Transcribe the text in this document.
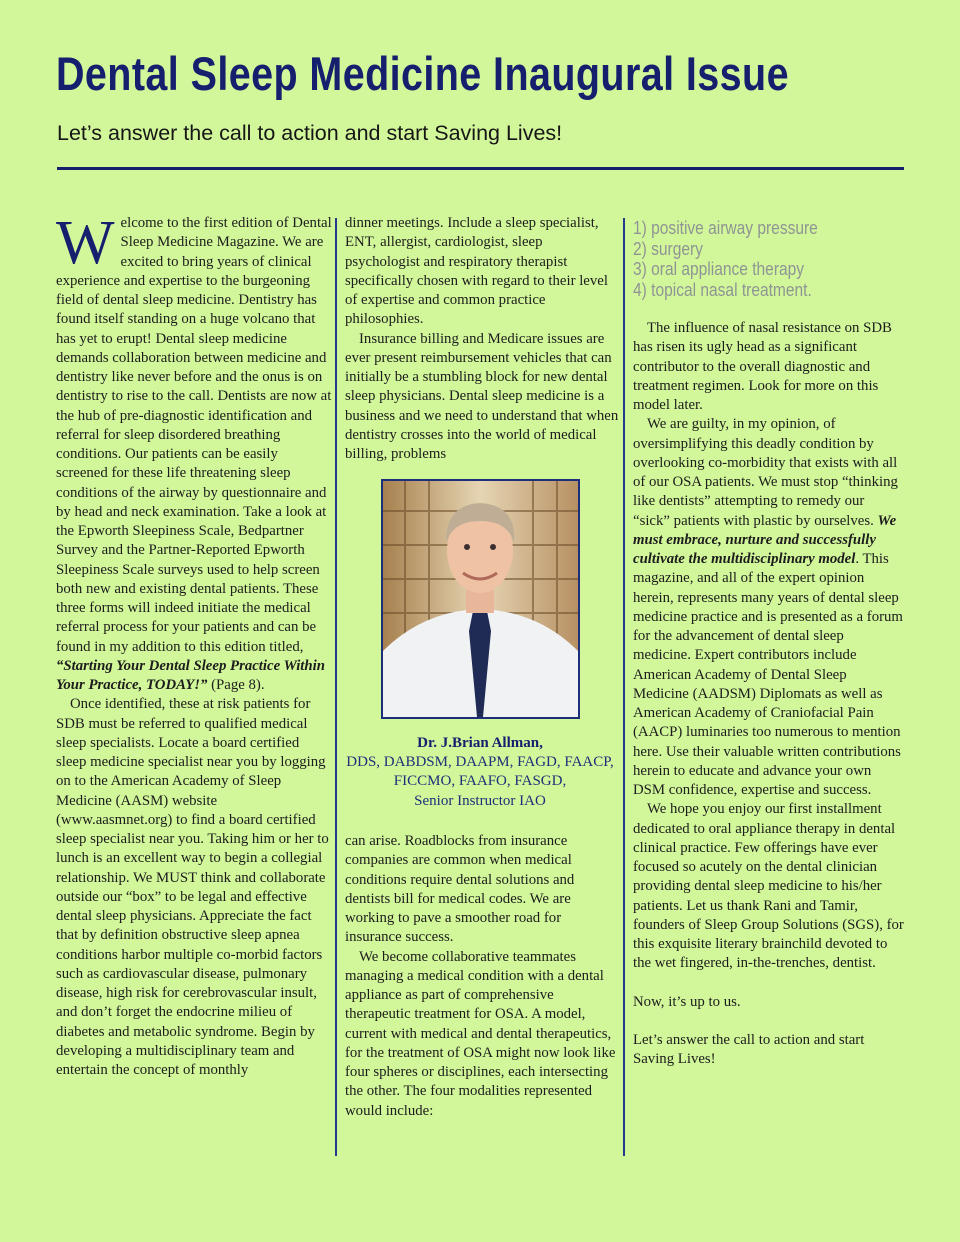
Dental Sleep Medicine Inaugural Issue
Let’s answer the call to action and start Saving Lives!

Welcome to the first edition of Dental Sleep Medicine Magazine. We are excited to bring years of clinical experience and expertise to the burgeoning field of dental sleep medicine. Dentistry has found itself standing on a huge volcano that has yet to erupt! Dental sleep medicine demands collaboration between medicine and dentistry like never before and the onus is on dentistry to rise to the call. Dentists are now at the hub of pre-diagnostic identification and referral for sleep disordered breathing conditions. Our patients can be easily screened for these life threatening sleep conditions of the airway by questionnaire and by head and neck examination. Take a look at the Epworth Sleepiness Scale, Bedpartner Survey and the Partner-Reported Epworth Sleepiness Scale surveys used to help screen both new and existing dental patients. These three forms will indeed initiate the medical referral process for your patients and can be found in my addition to this edition titled, “Starting Your Dental Sleep Practice Within Your Practice, TODAY!” (Page 8).

Once identified, these at risk patients for SDB must be referred to qualified medical sleep specialists. Locate a board certified sleep medicine specialist near you by logging on to the American Academy of Sleep Medicine (AASM) website (www.aasmnet.org) to find a board certified sleep specialist near you. Taking him or her to lunch is an excellent way to begin a collegial relationship. We MUST think and collaborate outside our “box” to be legal and effective dental sleep physicians. Appreciate the fact that by definition obstructive sleep apnea conditions harbor multiple co-morbid factors such as cardiovascular disease, pulmonary disease, high risk for cerebrovascular insult, and don’t forget the endocrine milieu of diabetes and metabolic syndrome. Begin by developing a multidisciplinary team and entertain the concept of monthly

dinner meetings. Include a sleep specialist, ENT, allergist, cardiologist, sleep psychologist and respiratory therapist specifically chosen with regard to their level of expertise and common practice philosophies.

Insurance billing and Medicare issues are ever present reimbursement vehicles that can initially be a stumbling block for new dental sleep physicians. Dental sleep medicine is a business and we need to understand that when dentistry crosses into the world of medical billing, problems

Dr. J.Brian Allman,
DDS, DABDSM, DAAPM, FAGD, FAACP, FICCMO, FAAFO, FASGD,
Senior Instructor IAO

can arise. Roadblocks from insurance companies are common when medical conditions require dental solutions and dentists bill for medical codes. We are working to pave a smoother road for insurance success.

We become collaborative teammates managing a medical condition with a dental appliance as part of comprehensive therapeutic treatment for OSA. A model, current with medical and dental therapeutics, for the treatment of OSA might now look like four spheres or disciplines, each intersecting the other. The four modalities represented would include:

1) positive airway pressure
2) surgery
3) oral appliance therapy
4) topical nasal treatment.

The influence of nasal resistance on SDB has risen its ugly head as a significant contributor to the overall diagnostic and treatment regimen. Look for more on this model later.

We are guilty, in my opinion, of oversimplifying this deadly condition by overlooking co-morbidity that exists with all of our OSA patients. We must stop “thinking like dentists” attempting to remedy our “sick” patients with plastic by ourselves. We must embrace, nurture and successfully cultivate the multidisciplinary model. This magazine, and all of the expert opinion herein, represents many years of dental sleep medicine practice and is presented as a forum for the advancement of dental sleep medicine. Expert contributors include American Academy of Dental Sleep Medicine (AADSM) Diplomats as well as American Academy of Craniofacial Pain (AACP) luminaries too numerous to mention here. Use their valuable written contributions herein to educate and advance your own DSM confidence, expertise and success.

We hope you enjoy our first installment dedicated to oral appliance therapy in dental clinical practice. Few offerings have ever focused so acutely on the dental clinician providing dental sleep medicine to his/her patients. Let us thank Rani and Tamir, founders of Sleep Group Solutions (SGS), for this exquisite literary brainchild devoted to the wet fingered, in-the-trenches, dentist.

Now, it’s up to us.

Let’s answer the call to action and start Saving Lives!
